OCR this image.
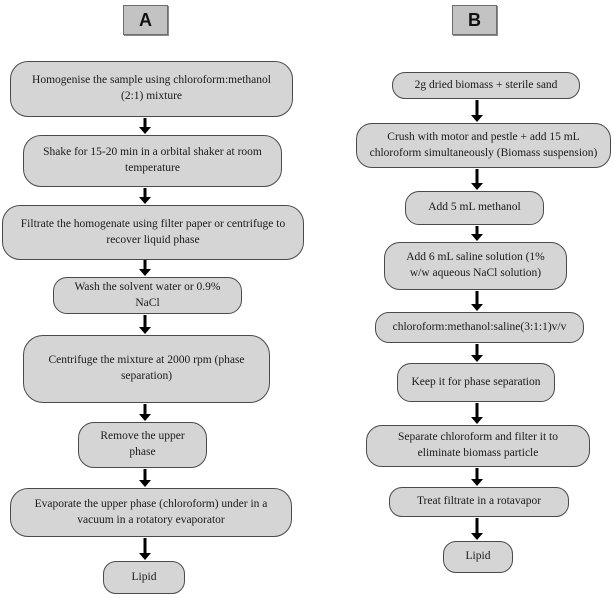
A
Homogenise the sample using chloroform:methanol (2:1) mixture
Shake for 15-20 min in a orbital shaker at room temperature
Filtrate the homogenate using filter paper or centrifuge to recover liquid phase
Wash the solvent water or 0.9% NaCl
Centrifuge the mixture at 2000 rpm (phase separation)
Remove the upper phase
Evaporate the upper phase (chloroform) under in a vacuum in a rotatory evaporator
Lipid
B
2g dried biomass + sterile sand
Crush with motor and pestle + add 15 mL chloroform simultaneously (Biomass suspension)
Add 5 mL methanol
Add 6 mL saline solution (1% w/w aqueous NaCl solution)
chloroform:methanol:saline(3:1:1)v/v
Keep it for phase separation
Separate chloroform and filter it to eliminate biomass particle
Treat filtrate in a rotavapor
Lipid
